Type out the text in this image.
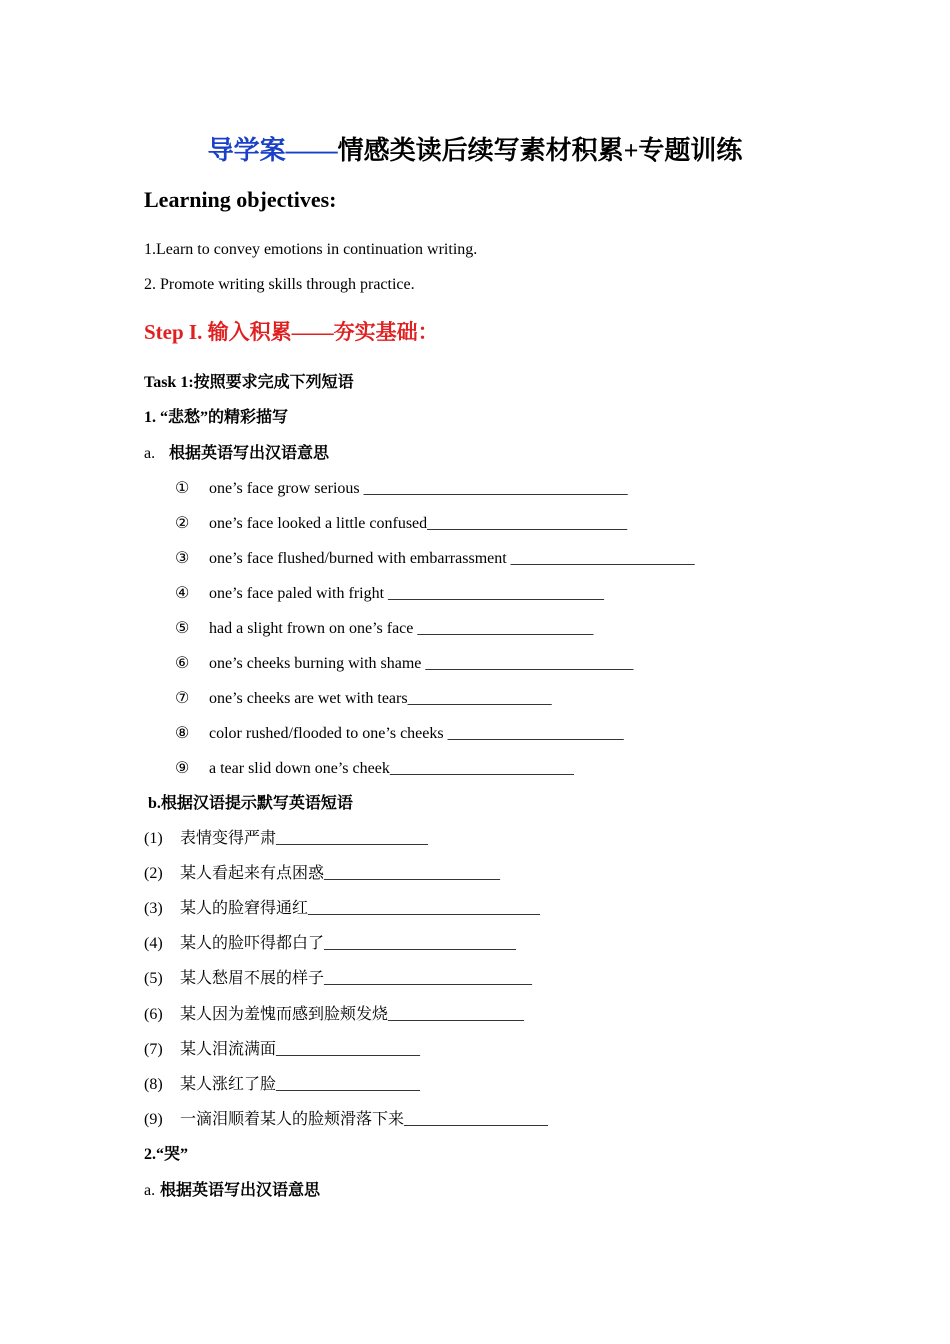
导学案——情感类读后续写素材积累+专题训练
Learning objectives:
1.Learn to convey emotions in continuation writing.
2. Promote writing skills through practice.
Step I. 输入积累——夯实基础：
Task 1:按照要求完成下列短语
1. “悲愁”的精彩描写
a. 根据英语写出汉语意思
① one’s face grow serious _________________________________
② one’s face looked a little confused_________________________
③ one’s face flushed/burned with embarrassment _______________________
④ one’s face paled with fright ___________________________
⑤ had a slight frown on one’s face ______________________
⑥ one’s cheeks burning with shame __________________________
⑦ one’s cheeks are wet with tears__________________
⑧ color rushed/flooded to one’s cheeks ______________________
⑨ a tear slid down one’s cheek_______________________
b.根据汉语提示默写英语短语
(1) 表情变得严肃___________________
(2) 某人看起来有点困惑______________________
(3) 某人的脸窘得通红_____________________________
(4) 某人的脸吓得都白了________________________
(5) 某人愁眉不展的样子__________________________
(6) 某人因为羞愧而感到脸颊发烧_________________
(7) 某人泪流满面__________________
(8) 某人涨红了脸__________________
(9) 一滴泪顺着某人的脸颊滑落下来__________________
2.“哭”
a. 根据英语写出汉语意思
